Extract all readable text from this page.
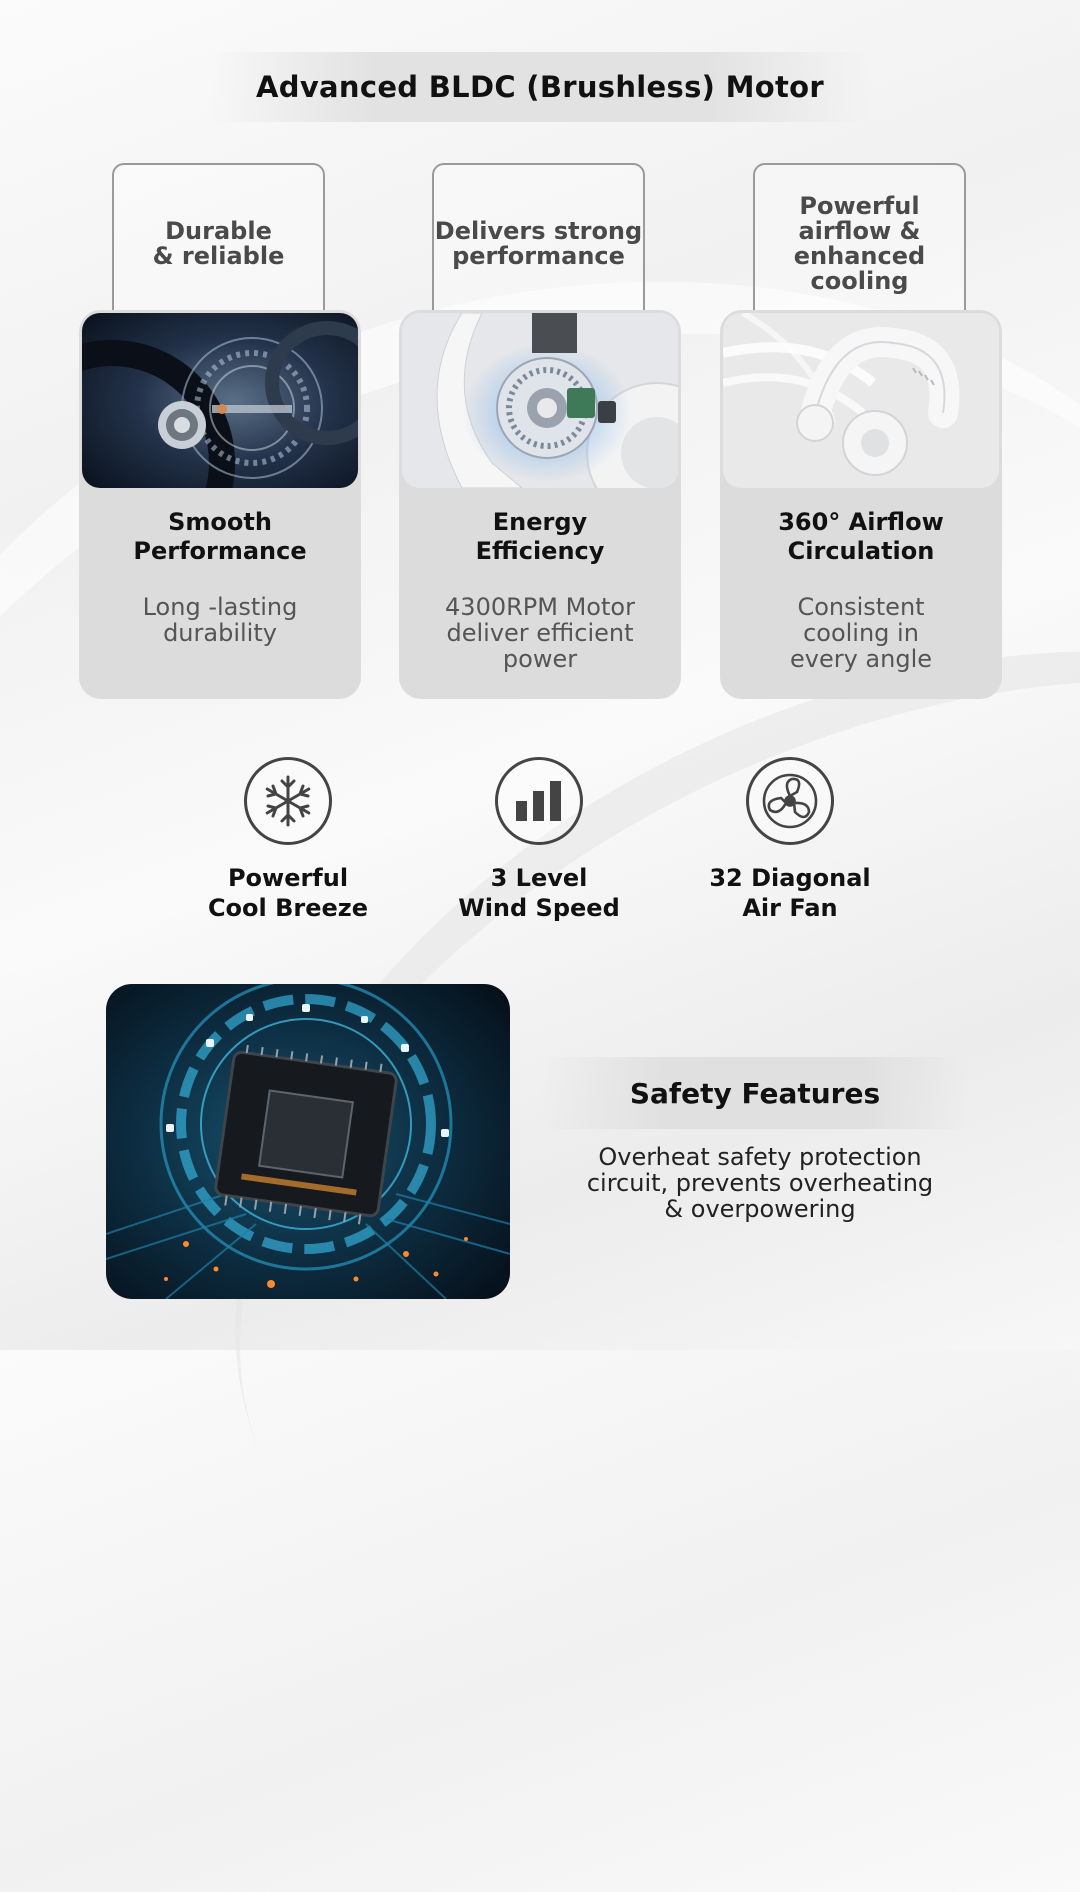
Advanced BLDC (Brushless) Motor
Durable
& reliable
Smooth
Performance
Long -lasting
durability
Delivers strong
performance
Energy
Efficiency
4300RPM Motor
deliver efficient
power
Powerful
airflow &
enhanced
cooling
360° Airflow
Circulation
Consistent
cooling in
every angle
Powerful
Cool Breeze
3 Level
Wind Speed
32 Diagonal
Air Fan
Safety Features
Overheat safety protection
circuit, prevents overheating
& overpowering
